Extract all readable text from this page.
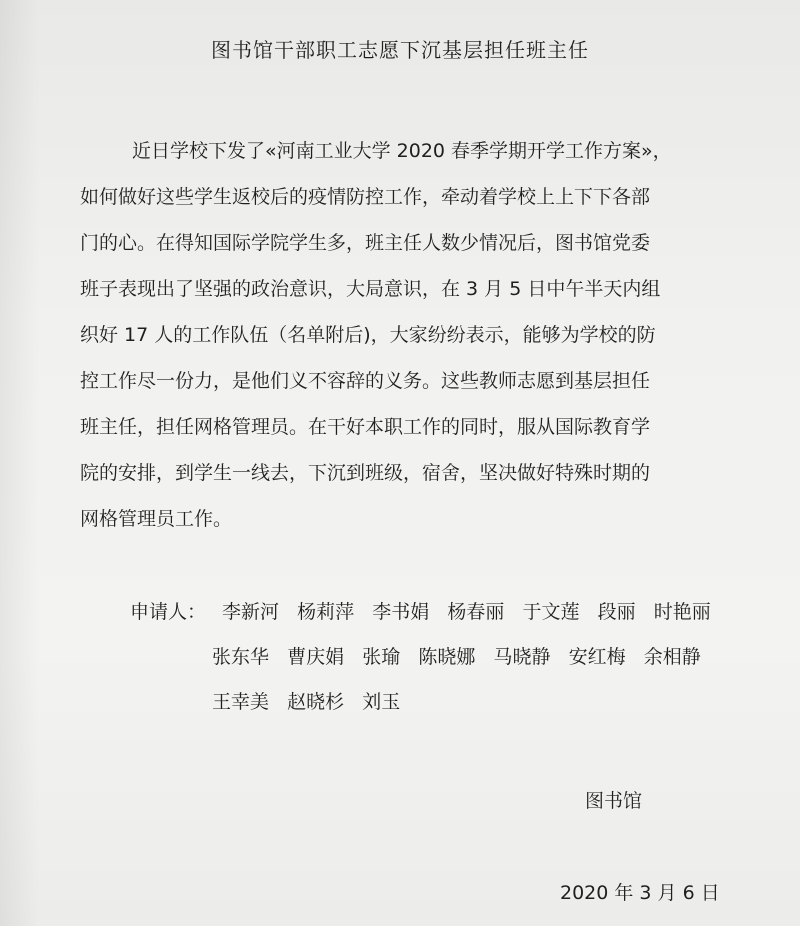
图书馆干部职工志愿下沉基层担任班主任
近日学校下发了«河南工业大学 2020 春季学期开学工作方案»，
如何做好这些学生返校后的疫情防控工作，牵动着学校上上下下各部
门的心。在得知国际学院学生多，班主任人数少情况后，图书馆党委
班子表现出了坚强的政治意识，大局意识，在 3 月 5 日中午半天内组
织好 17 人的工作队伍（名单附后)，大家纷纷表示，能够为学校的防
控工作尽一份力，是他们义不容辞的义务。这些教师志愿到基层担任
班主任，担任网格管理员。在干好本职工作的同时，服从国际教育学
院的安排，到学生一线去，下沉到班级，宿舍，坚决做好特殊时期的
网格管理员工作。
申请人： 李新河   杨莉萍   李书娟   杨春丽   于文莲   段丽   时艳丽
张东华   曹庆娟   张瑜   陈晓娜   马晓静   安红梅   余相静
王幸美   赵晓杉   刘玉
图书馆
2020 年 3 月 6 日
